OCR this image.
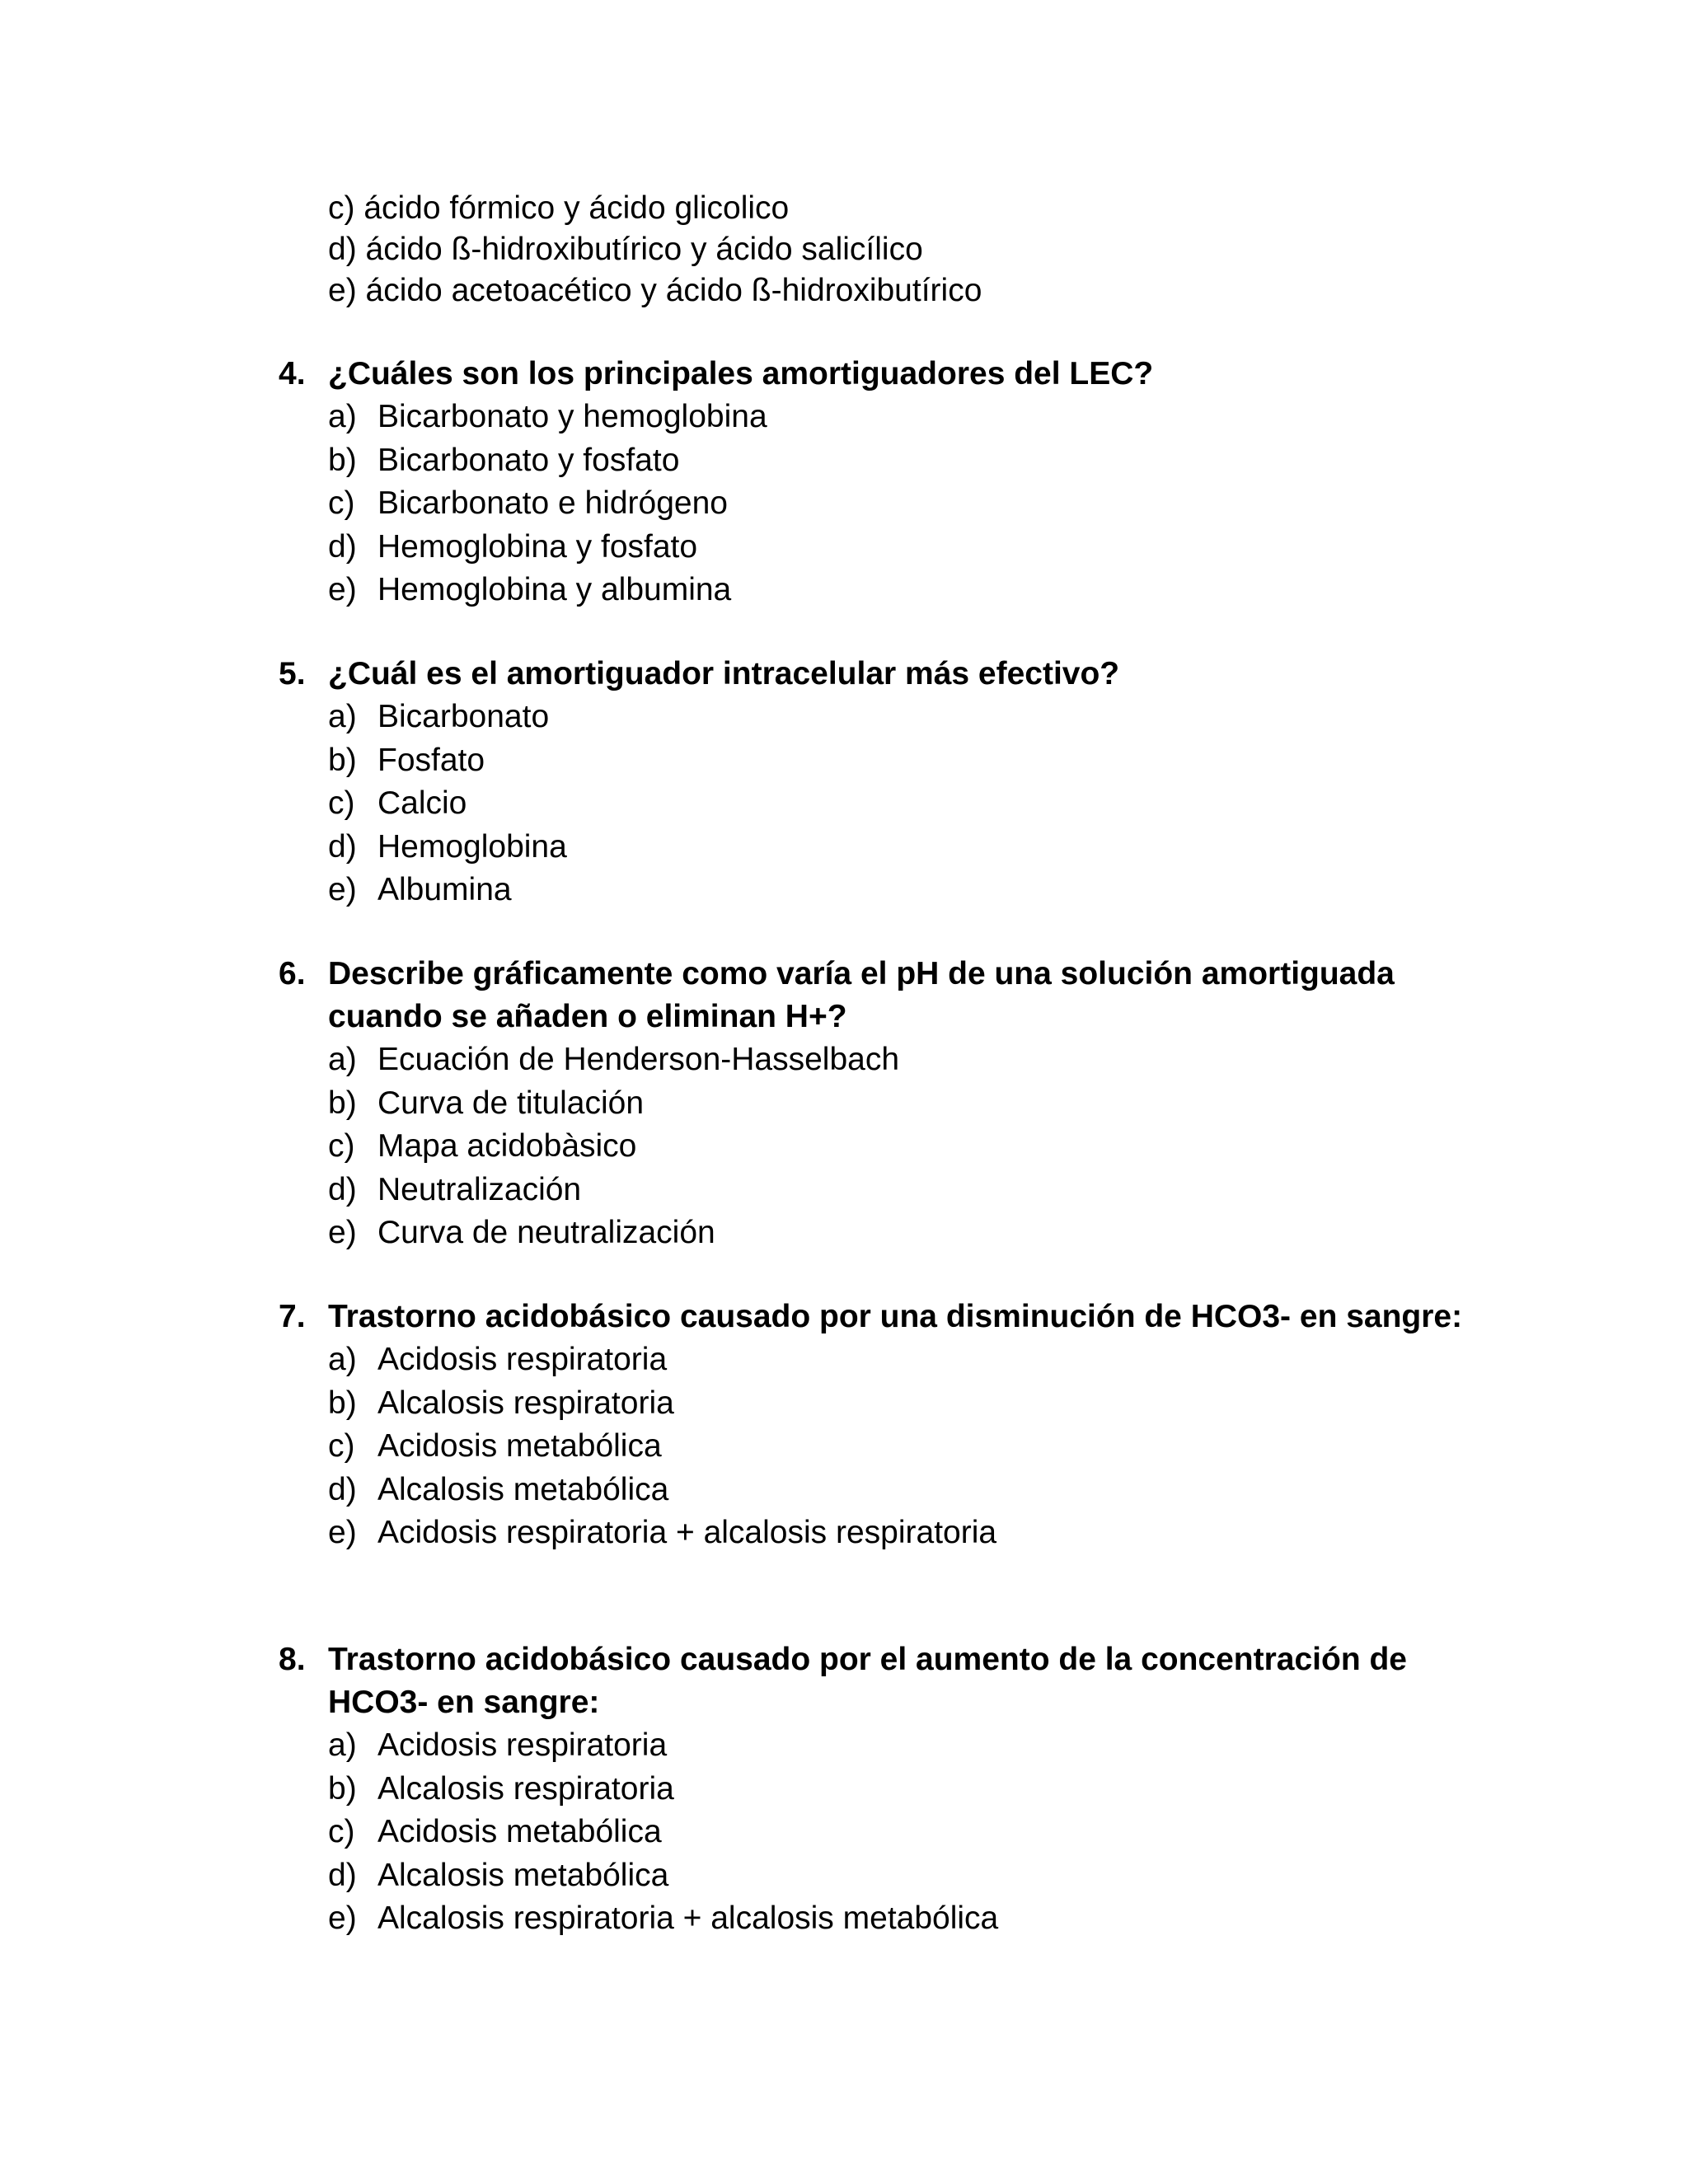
c) ácido fórmico y ácido glicolico
d) ácido ß-hidroxibutírico y ácido salicílico
e) ácido acetoacético y ácido ß-hidroxibutírico
4. ¿Cuáles son los principales amortiguadores del LEC?
a) Bicarbonato y hemoglobina
b) Bicarbonato y fosfato
c) Bicarbonato e hidrógeno
d) Hemoglobina y fosfato
e) Hemoglobina y albumina
5. ¿Cuál es el amortiguador intracelular más efectivo?
a) Bicarbonato
b) Fosfato
c) Calcio
d) Hemoglobina
e) Albumina
6. Describe gráficamente como varía el pH de una solución amortiguada cuando se añaden o eliminan H+?
a) Ecuación de Henderson-Hasselbach
b) Curva de titulación
c) Mapa acidobàsico
d) Neutralización
e) Curva de neutralización
7. Trastorno acidobásico causado por una disminución de HCO3- en sangre:
a) Acidosis respiratoria
b) Alcalosis respiratoria
c) Acidosis metabólica
d) Alcalosis metabólica
e) Acidosis respiratoria + alcalosis respiratoria
8. Trastorno acidobásico causado por el aumento de la concentración de HCO3- en sangre:
a) Acidosis respiratoria
b) Alcalosis respiratoria
c) Acidosis metabólica
d) Alcalosis metabólica
e) Alcalosis respiratoria + alcalosis metabólica
